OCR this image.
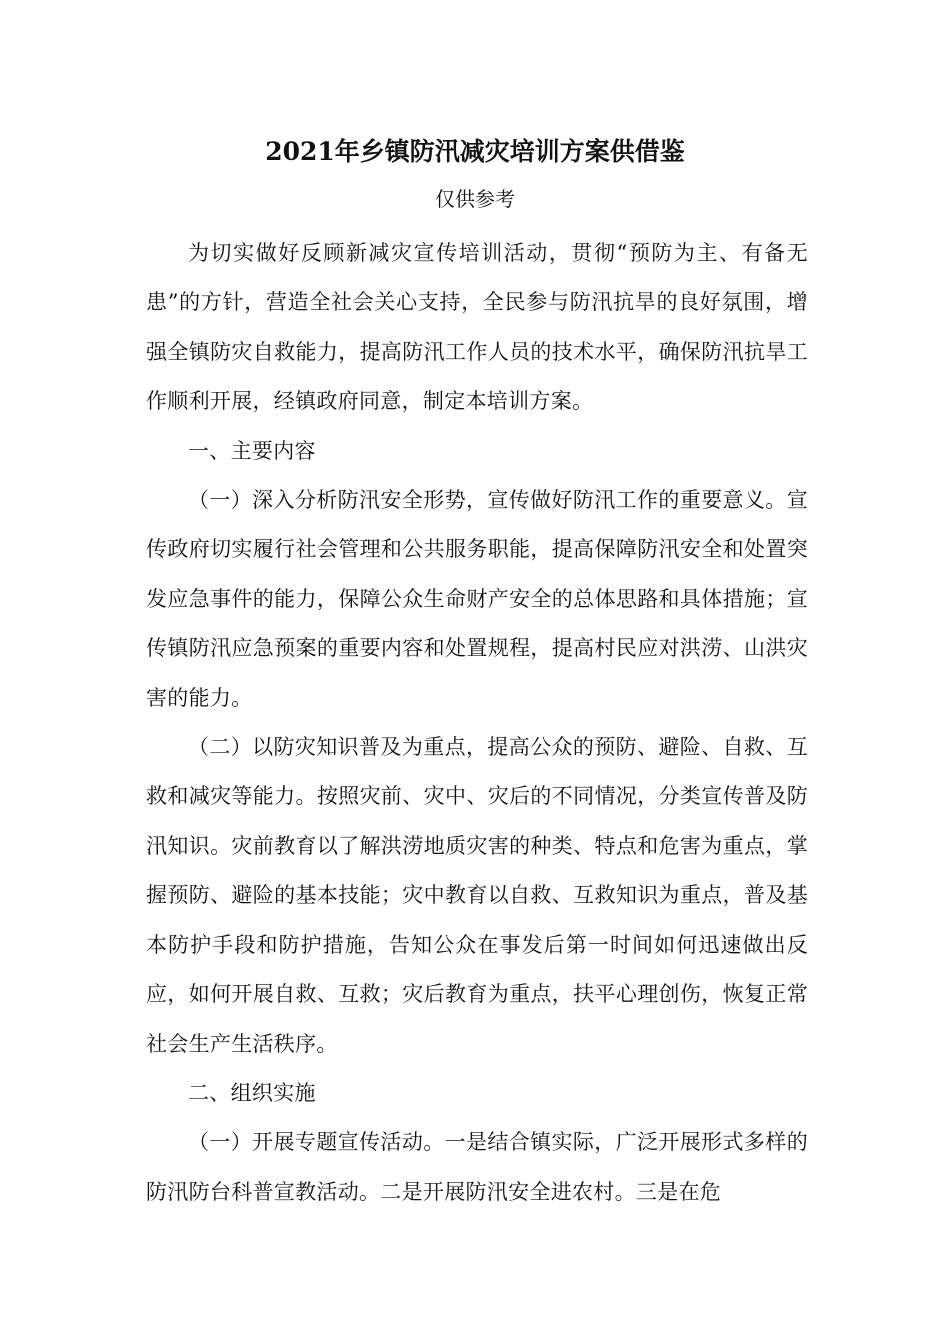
2021年乡镇防汛减灾培训方案供借鉴
仅供参考

为切实做好反顾新减灾宣传培训活动，贯彻“预防为主、有备无患”的方针，营造全社会关心支持，全民参与防汛抗旱的良好氛围，增强全镇防灾自救能力，提高防汛工作人员的技术水平，确保防汛抗旱工作顺利开展，经镇政府同意，制定本培训方案。

一、主要内容

（一）深入分析防汛安全形势，宣传做好防汛工作的重要意义。宣传政府切实履行社会管理和公共服务职能，提高保障防汛安全和处置突发应急事件的能力，保障公众生命财产安全的总体思路和具体措施；宣传镇防汛应急预案的重要内容和处置规程，提高村民应对洪涝、山洪灾害的能力。

（二）以防灾知识普及为重点，提高公众的预防、避险、自救、互救和减灾等能力。按照灾前、灾中、灾后的不同情况，分类宣传普及防汛知识。灾前教育以了解洪涝地质灾害的种类、特点和危害为重点，掌握预防、避险的基本技能；灾中教育以自救、互救知识为重点，普及基本防护手段和防护措施，告知公众在事发后第一时间如何迅速做出反应，如何开展自救、互救；灾后教育为重点，扶平心理创伤，恢复正常社会生产生活秩序。

二、组织实施

（一）开展专题宣传活动。一是结合镇实际，广泛开展形式多样的防汛防台科普宣教活动。二是开展防汛安全进农村。三是在危
